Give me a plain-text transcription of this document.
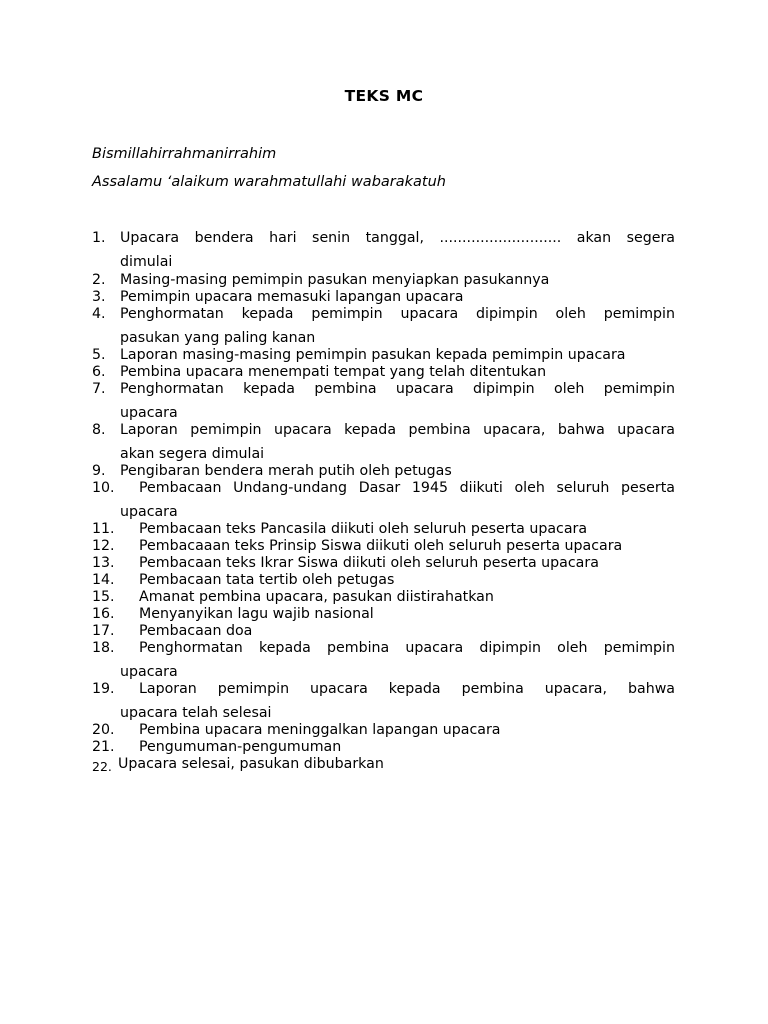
TEKS MC
Bismillahirrahmanirrahim
Assalamu ‘alaikum warahmatullahi wabarakatuh
1. Upacara bendera hari senin tanggal, ........................... akan segera
dimulai
2. Masing-masing pemimpin pasukan menyiapkan pasukannya
3. Pemimpin upacara memasuki lapangan upacara
4. Penghormatan kepada pemimpin upacara dipimpin oleh pemimpin
pasukan yang paling kanan
5. Laporan masing-masing pemimpin pasukan kepada pemimpin upacara
6. Pembina upacara menempati tempat yang telah ditentukan
7. Penghormatan kepada pembina upacara dipimpin oleh pemimpin
upacara
8. Laporan pemimpin upacara kepada pembina upacara, bahwa upacara
akan segera dimulai
9. Pengibaran bendera merah putih oleh petugas
10. Pembacaan Undang-undang Dasar 1945 diikuti oleh seluruh peserta
upacara
11. Pembacaan teks Pancasila diikuti oleh seluruh peserta upacara
12. Pembacaaan teks Prinsip Siswa diikuti oleh seluruh peserta upacara
13. Pembacaan teks Ikrar Siswa diikuti oleh seluruh peserta upacara
14. Pembacaan tata tertib oleh petugas
15. Amanat pembina upacara, pasukan diistirahatkan
16. Menyanyikan lagu wajib nasional
17. Pembacaan doa
18. Penghormatan kepada pembina upacara dipimpin oleh pemimpin
upacara
19. Laporan pemimpin upacara kepada pembina upacara, bahwa
upacara telah selesai
20. Pembina upacara meninggalkan lapangan upacara
21. Pengumuman-pengumuman
22. Upacara selesai, pasukan dibubarkan
